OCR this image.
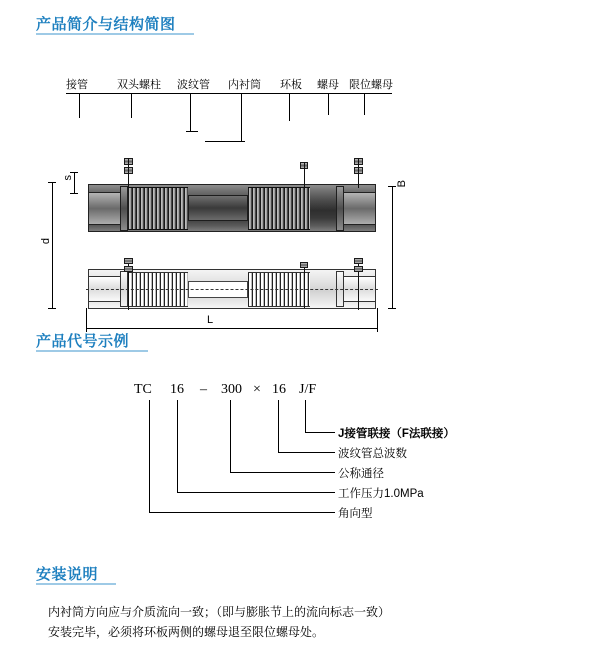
产品简介与结构简图
接管	双头螺柱 波纹管 内衬筒 环板 螺母 限位螺母
s
d
B
L
产品代号示例
TC 16 – 300 × 16 J/F
J接管联接（F法联接）
波纹管总波数
公称通径
工作压力1.0MPa
角向型
安装说明
内衬筒方向应与介质流向一致；（即与膨胀节上的流向标志一致）
安装完毕，必须将环板两侧的螺母退至限位螺母处。
